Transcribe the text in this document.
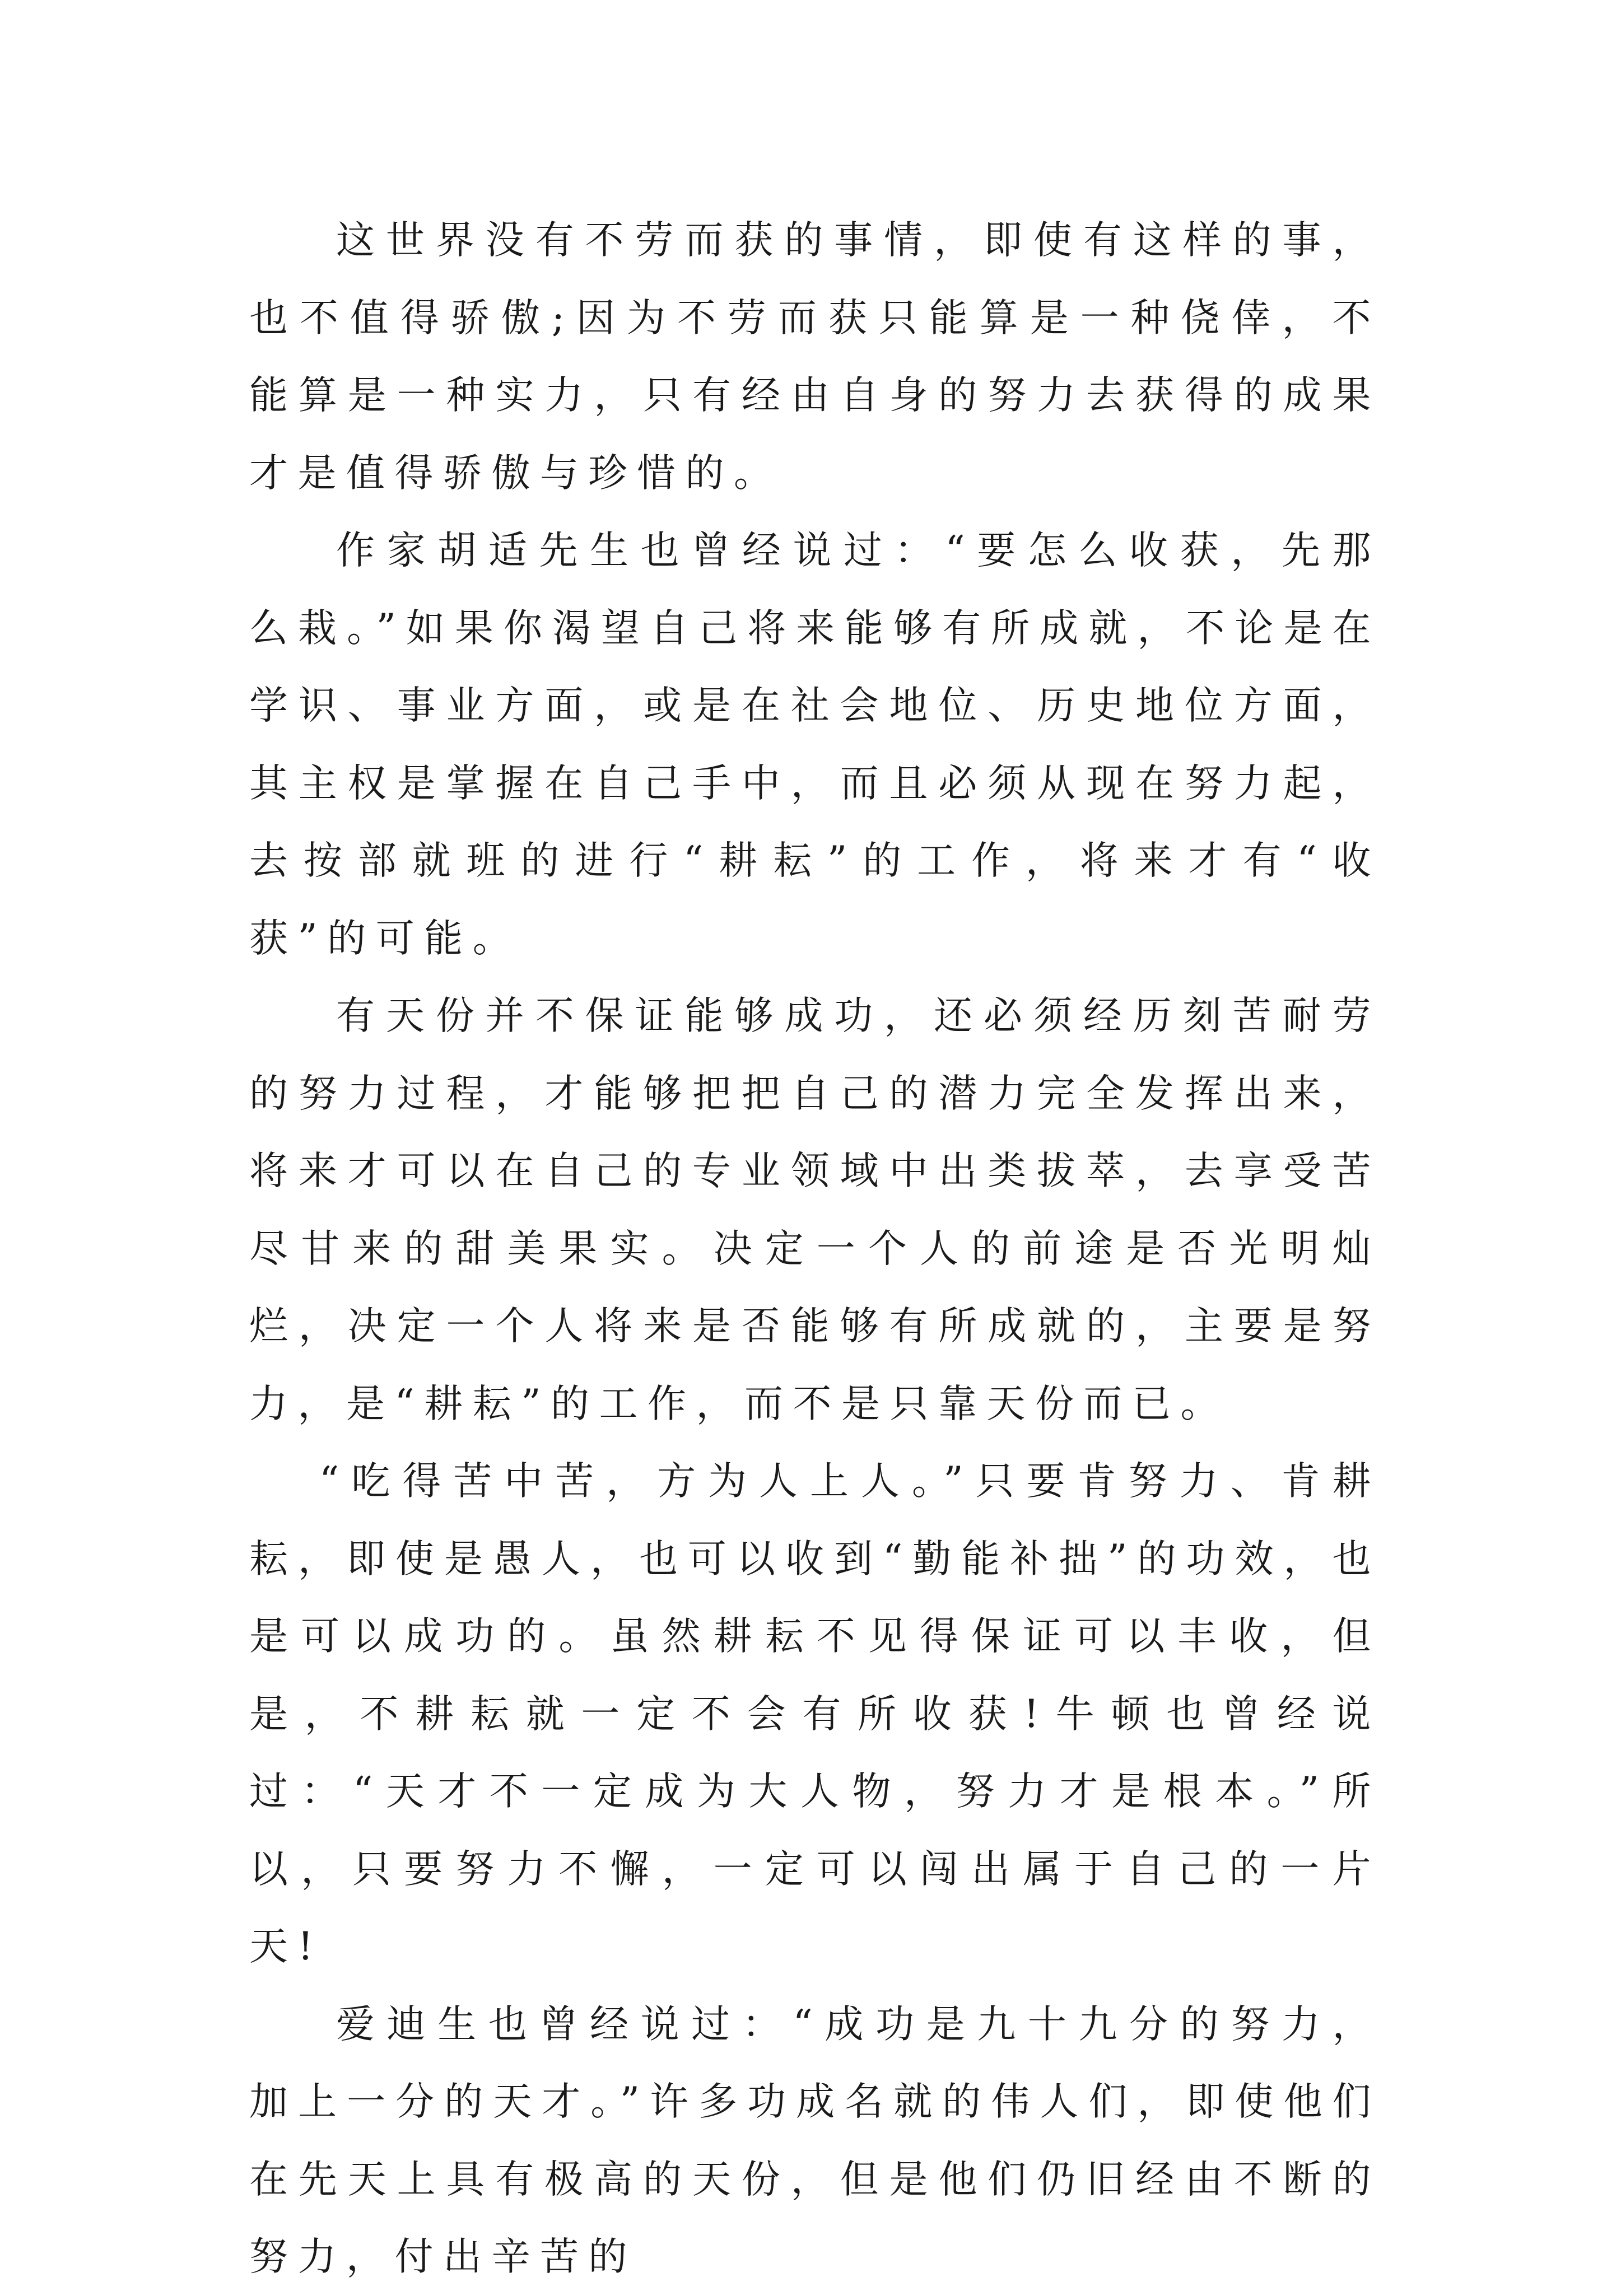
这世界没有不劳而获的事情，即使有这样的事，也不值得骄傲;因为不劳而获只能算是一种侥倖，不能算是一种实力，只有经由自身的努力去获得的成果才是值得骄傲与珍惜的。

作家胡适先生也曾经说过：“要怎么收获，先那么栽。”如果你渴望自己将来能够有所成就，不论是在学识、事业方面，或是在社会地位、历史地位方面，其主权是掌握在自己手中，而且必须从现在努力起，去按部就班的进行“耕耘”的工作，将来才有“收获”的可能。

有天份并不保证能够成功，还必须经历刻苦耐劳的努力过程，才能够把把自己的潜力完全发挥出来，将来才可以在自己的专业领域中出类拔萃，去享受苦尽甘来的甜美果实。决定一个人的前途是否光明灿烂，决定一个人将来是否能够有所成就的，主要是努力，是“耕耘”的工作，而不是只靠天份而已。

“吃得苦中苦，方为人上人。”只要肯努力、肯耕耘，即使是愚人，也可以收到“勤能补拙”的功效，也是可以成功的。虽然耕耘不见得保证可以丰收，但是，不耕耘就一定不会有所收获!牛顿也曾经说过：“天才不一定成为大人物，努力才是根本。”所以，只要努力不懈，一定可以闯出属于自己的一片天!

爱迪生也曾经说过：“成功是九十九分的努力，加上一分的天才。”许多功成名就的伟人们，即使他们在先天上具有极高的天份，但是他们仍旧经由不断的努力，付出辛苦的
